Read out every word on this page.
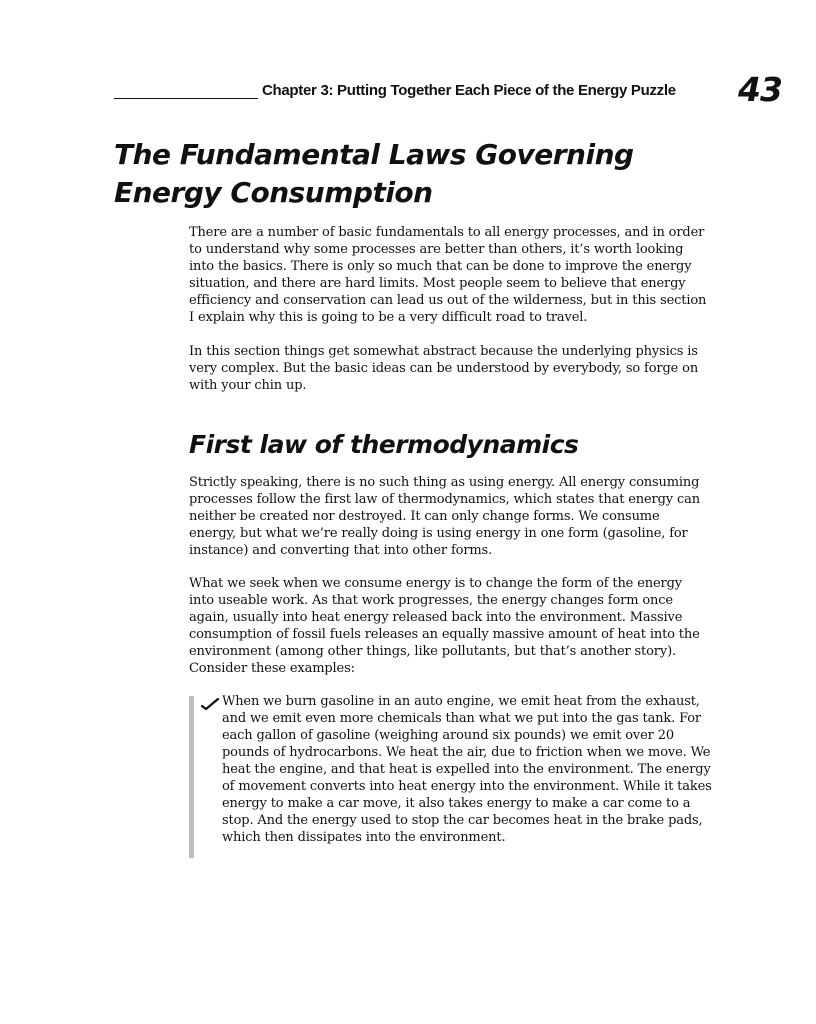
Chapter 3: Putting Together Each Piece of the Energy Puzzle 43
The Fundamental Laws Governing Energy Consumption

There are a number of basic fundamentals to all energy processes, and in order to understand why some processes are better than others, it’s worth looking into the basics. There is only so much that can be done to improve the energy situation, and there are hard limits. Most people seem to believe that energy efficiency and conservation can lead us out of the wilderness, but in this section I explain why this is going to be a very difficult road to travel.

In this section things get somewhat abstract because the underlying physics is very complex. But the basic ideas can be understood by everybody, so forge on with your chin up.

First law of thermodynamics

Strictly speaking, there is no such thing as using energy. All energy consuming processes follow the first law of thermodynamics, which states that energy can neither be created nor destroyed. It can only change forms. We consume energy, but what we’re really doing is using energy in one form (gasoline, for instance) and converting that into other forms.

What we seek when we consume energy is to change the form of the energy into useable work. As that work progresses, the energy changes form once again, usually into heat energy released back into the environment. Massive consumption of fossil fuels releases an equally massive amount of heat into the environment (among other things, like pollutants, but that’s another story). Consider these examples:

When we burn gasoline in an auto engine, we emit heat from the exhaust, and we emit even more chemicals than what we put into the gas tank. For each gallon of gasoline (weighing around six pounds) we emit over 20 pounds of hydrocarbons. We heat the air, due to friction when we move. We heat the engine, and that heat is expelled into the environment. The energy of movement converts into heat energy into the environment. While it takes energy to make a car move, it also takes energy to make a car come to a stop. And the energy used to stop the car becomes heat in the brake pads, which then dissipates into the environment.
